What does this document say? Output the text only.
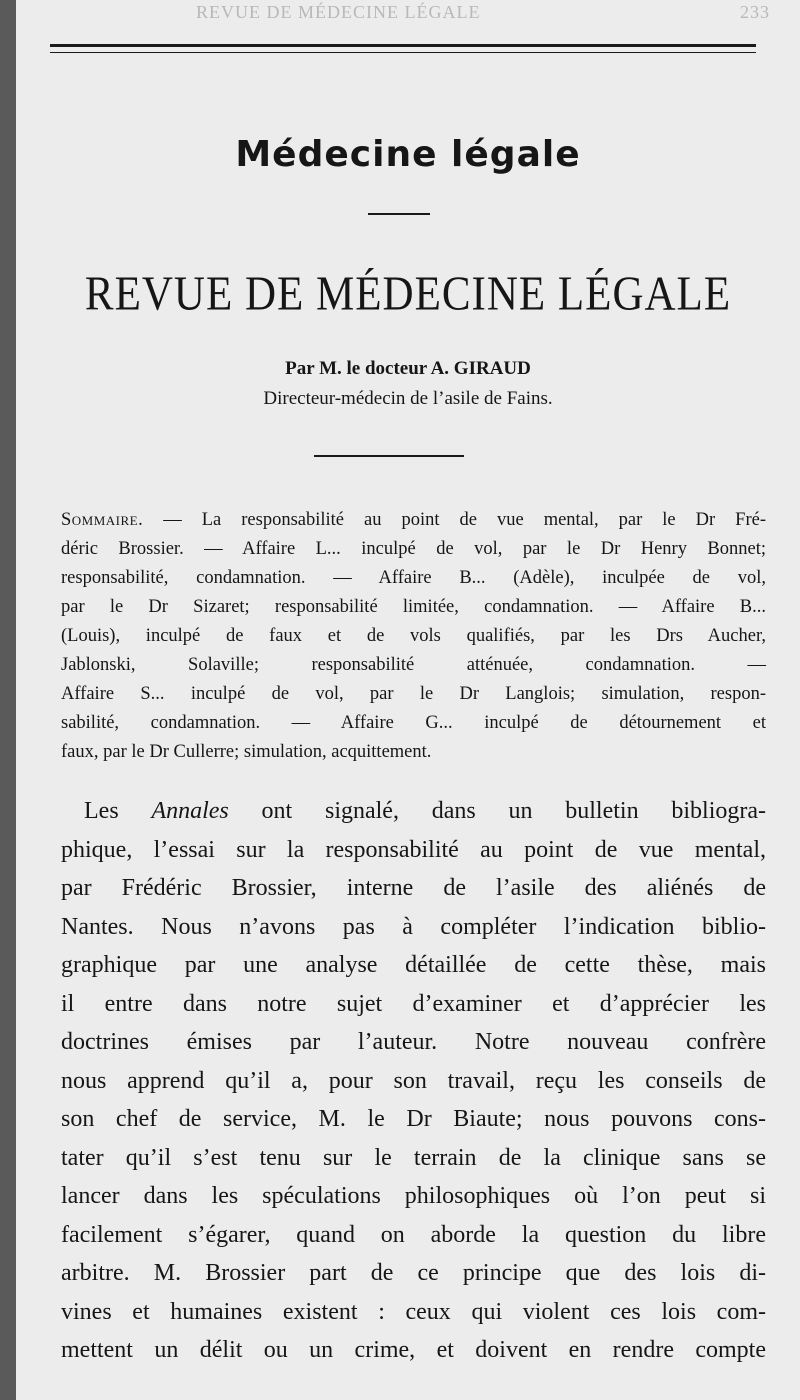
REVUE DE MÉDECINE LÉGALE	233
Médecine légale
REVUE DE MÉDECINE LÉGALE
Par M. le docteur A. GIRAUD
Directeur-médecin de l’asile de Fains.
Sommaire. — La responsabilité au point de vue mental, par le Dr Fré-
déric Brossier. — Affaire L... inculpé de vol, par le Dr Henry Bonnet;
responsabilité, condamnation. — Affaire B... (Adèle), inculpée de vol,
par le Dr Sizaret; responsabilité limitée, condamnation. — Affaire B...
(Louis), inculpé de faux et de vols qualifiés, par les Drs Aucher,
Jablonski, Solaville; responsabilité atténuée, condamnation. —
Affaire S... inculpé de vol, par le Dr Langlois; simulation, respon-
sabilité, condamnation. — Affaire G... inculpé de détournement et
faux, par le Dr Cullerre; simulation, acquittement.
Les Annales ont signalé, dans un bulletin bibliogra-
phique, l’essai sur la responsabilité au point de vue mental,
par Frédéric Brossier, interne de l’asile des aliénés de
Nantes. Nous n’avons pas à compléter l’indication biblio-
graphique par une analyse détaillée de cette thèse, mais
il entre dans notre sujet d’examiner et d’apprécier les
doctrines émises par l’auteur. Notre nouveau confrère
nous apprend qu’il a, pour son travail, reçu les conseils de
son chef de service, M. le Dr Biaute; nous pouvons cons-
tater qu’il s’est tenu sur le terrain de la clinique sans se
lancer dans les spéculations philosophiques où l’on peut si
facilement s’égarer, quand on aborde la question du libre
arbitre. M. Brossier part de ce principe que des lois di-
vines et humaines existent : ceux qui violent ces lois com-
mettent un délit ou un crime, et doivent en rendre compte
